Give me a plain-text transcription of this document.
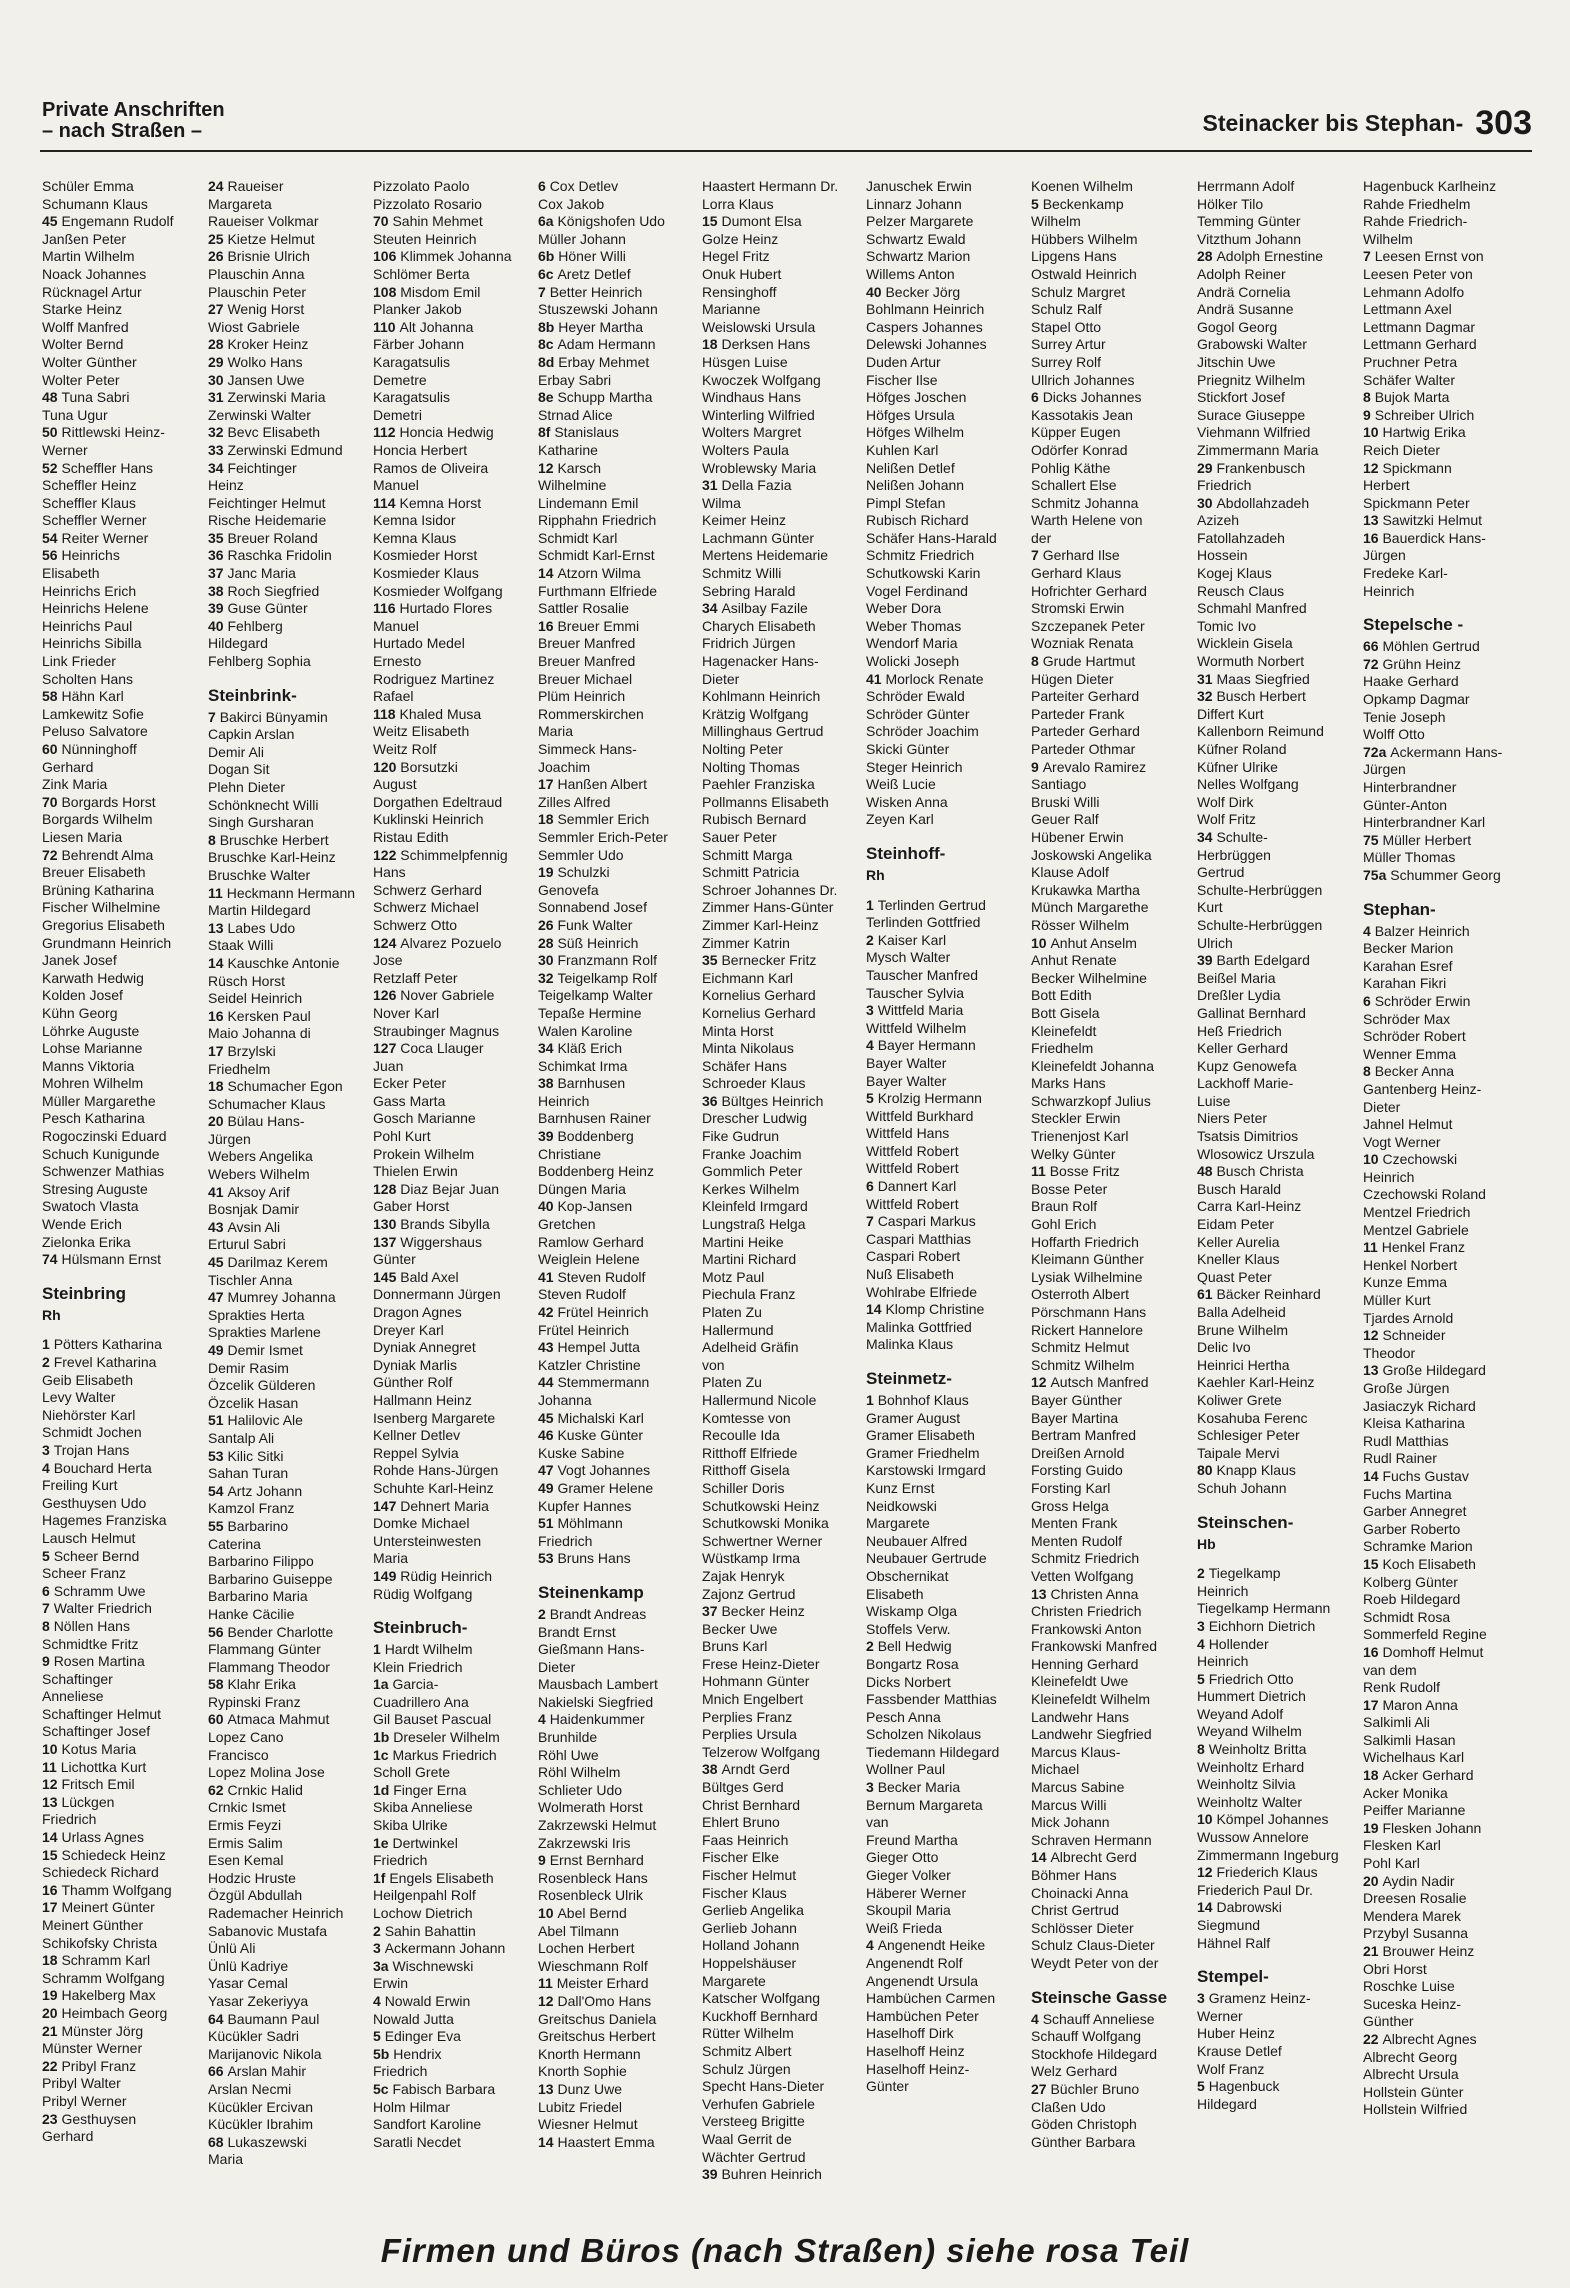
Private Anschriften
– nach Straßen –	Steinacker bis Stephan- 303
Schüler Emma
Schumann Klaus
45 Engemann Rudolf
Janßen Peter
Martin Wilhelm
Noack Johannes
Rücknagel Artur
Starke Heinz
Wolff Manfred
Wolter Bernd
Wolter Günther
Wolter Peter
48 Tuna Sabri
Tuna Ugur
50 Rittlewski Heinz-
Werner
52 Scheffler Hans
Scheffler Heinz
Scheffler Klaus
Scheffler Werner
54 Reiter Werner
56 Heinrichs
Elisabeth
Heinrichs Erich
Heinrichs Helene
Heinrichs Paul
Heinrichs Sibilla
Link Frieder
Scholten Hans
58 Hähn Karl
Lamkewitz Sofie
Peluso Salvatore
60 Nünninghoff
Gerhard
Zink Maria
70 Borgards Horst
Borgards Wilhelm
Liesen Maria
72 Behrendt Alma
Breuer Elisabeth
Brüning Katharina
Fischer Wilhelmine
Gregorius Elisabeth
Grundmann Heinrich
Janek Josef
Karwath Hedwig
Kolden Josef
Kühn Georg
Löhrke Auguste
Lohse Marianne
Manns Viktoria
Mohren Wilhelm
Müller Margarethe
Pesch Katharina
Rogoczinski Eduard
Schuch Kunigunde
Schwenzer Mathias
Stresing Auguste
Swatoch Vlasta
Wende Erich
Zielonka Erika
74 Hülsmann Ernst
Steinbring
Rh
1 Pötters Katharina
2 Frevel Katharina
Geib Elisabeth
Levy Walter
Niehörster Karl
Schmidt Jochen
3 Trojan Hans
4 Bouchard Herta
Freiling Kurt
Gesthuysen Udo
Hagemes Franziska
Lausch Helmut
5 Scheer Bernd
Scheer Franz
6 Schramm Uwe
7 Walter Friedrich
8 Nöllen Hans
Schmidtke Fritz
9 Rosen Martina
Schaftinger
Anneliese
Schaftinger Helmut
Schaftinger Josef
10 Kotus Maria
11 Lichottka Kurt
12 Fritsch Emil
13 Lückgen
Friedrich
14 Urlass Agnes
15 Schiedeck Heinz
Schiedeck Richard
16 Thamm Wolfgang
17 Meinert Günter
Meinert Günther
Schikofsky Christa
18 Schramm Karl
Schramm Wolfgang
19 Hakelberg Max
20 Heimbach Georg
21 Münster Jörg
Münster Werner
22 Pribyl Franz
Pribyl Walter
Pribyl Werner
23 Gesthuysen
Gerhard
24 Raueiser
Margareta
Raueiser Volkmar
25 Kietze Helmut
26 Brisnie Ulrich
Plauschin Anna
Plauschin Peter
27 Wenig Horst
Wiost Gabriele
28 Kroker Heinz
29 Wolko Hans
30 Jansen Uwe
31 Zerwinski Maria
Zerwinski Walter
32 Bevc Elisabeth
33 Zerwinski Edmund
34 Feichtinger
Heinz
Feichtinger Helmut
Rische Heidemarie
35 Breuer Roland
36 Raschka Fridolin
37 Janc Maria
38 Roch Siegfried
39 Guse Günter
40 Fehlberg
Hildegard
Fehlberg Sophia
Steinbrink-
7 Bakirci Bünyamin
Capkin Arslan
Demir Ali
Dogan Sit
Plehn Dieter
Schönknecht Willi
Singh Gursharan
8 Bruschke Herbert
Bruschke Karl-Heinz
Bruschke Walter
11 Heckmann Hermann
Martin Hildegard
13 Labes Udo
Staak Willi
14 Kauschke Antonie
Rüsch Horst
Seidel Heinrich
16 Kersken Paul
Maio Johanna di
17 Brzylski
Friedhelm
18 Schumacher Egon
Schumacher Klaus
20 Bülau Hans-
Jürgen
Webers Angelika
Webers Wilhelm
41 Aksoy Arif
Bosnjak Damir
43 Avsin Ali
Erturul Sabri
45 Darilmaz Kerem
Tischler Anna
47 Mumrey Johanna
Sprakties Herta
Sprakties Marlene
49 Demir Ismet
Demir Rasim
Özcelik Gülderen
Özcelik Hasan
51 Halilovic Ale
Santalp Ali
53 Kilic Sitki
Sahan Turan
54 Artz Johann
Kamzol Franz
55 Barbarino
Caterina
Barbarino Filippo
Barbarino Guiseppe
Barbarino Maria
Hanke Cäcilie
56 Bender Charlotte
Flammang Günter
Flammang Theodor
58 Klahr Erika
Rypinski Franz
60 Atmaca Mahmut
Lopez Cano
Francisco
Lopez Molina Jose
62 Crnkic Halid
Crnkic Ismet
Ermis Feyzi
Ermis Salim
Esen Kemal
Hodzic Hruste
Özgül Abdullah
Rademacher Heinrich
Sabanovic Mustafa
Ünlü Ali
Ünlü Kadriye
Yasar Cemal
Yasar Zekeriyya
64 Baumann Paul
Kücükler Sadri
Marijanovic Nikola
66 Arslan Mahir
Arslan Necmi
Kücükler Ercivan
Kücükler Ibrahim
68 Lukaszewski
Maria
Pizzolato Paolo
Pizzolato Rosario
70 Sahin Mehmet
Steuten Heinrich
106 Klimmek Johanna
Schlömer Berta
108 Misdom Emil
Planker Jakob
110 Alt Johanna
Färber Johann
Karagatsulis
Demetre
Karagatsulis
Demetri
112 Honcia Hedwig
Honcia Herbert
Ramos de Oliveira
Manuel
114 Kemna Horst
Kemna Isidor
Kemna Klaus
Kosmieder Horst
Kosmieder Klaus
Kosmieder Wolfgang
116 Hurtado Flores
Manuel
Hurtado Medel
Ernesto
Rodriguez Martinez
Rafael
118 Khaled Musa
Weitz Elisabeth
Weitz Rolf
120 Borsutzki
August
Dorgathen Edeltraud
Kuklinski Heinrich
Ristau Edith
122 Schimmelpfennig
Hans
Schwerz Gerhard
Schwerz Michael
Schwerz Otto
124 Alvarez Pozuelo
Jose
Retzlaff Peter
126 Nover Gabriele
Nover Karl
Straubinger Magnus
127 Coca Llauger
Juan
Ecker Peter
Gass Marta
Gosch Marianne
Pohl Kurt
Prokein Wilhelm
Thielen Erwin
128 Diaz Bejar Juan
Gaber Horst
130 Brands Sibylla
137 Wiggershaus
Günter
145 Bald Axel
Donnermann Jürgen
Dragon Agnes
Dreyer Karl
Dyniak Annegret
Dyniak Marlis
Günther Rolf
Hallmann Heinz
Isenberg Margarete
Kellner Detlev
Reppel Sylvia
Rohde Hans-Jürgen
Schuhte Karl-Heinz
147 Dehnert Maria
Domke Michael
Untersteinwesten
Maria
149 Rüdig Heinrich
Rüdig Wolfgang
Steinbruch-
1 Hardt Wilhelm
Klein Friedrich
1a Garcia-
Cuadrillero Ana
Gil Bauset Pascual
1b Dreseler Wilhelm
1c Markus Friedrich
Scholl Grete
1d Finger Erna
Skiba Anneliese
Skiba Ulrike
1e Dertwinkel
Friedrich
1f Engels Elisabeth
Heilgenpahl Rolf
Lochow Dietrich
2 Sahin Bahattin
3 Ackermann Johann
3a Wischnewski
Erwin
4 Nowald Erwin
Nowald Jutta
5 Edinger Eva
5b Hendrix
Friedrich
5c Fabisch Barbara
Holm Hilmar
Sandfort Karoline
Saratli Necdet
6 Cox Detlev
Cox Jakob
6a Königshofen Udo
Müller Johann
6b Höner Willi
6c Aretz Detlef
7 Better Heinrich
Stuszewski Johann
8b Heyer Martha
8c Adam Hermann
8d Erbay Mehmet
Erbay Sabri
8e Schupp Martha
Strnad Alice
8f Stanislaus
Katharine
12 Karsch
Wilhelmine
Lindemann Emil
Ripphahn Friedrich
Schmidt Karl
Schmidt Karl-Ernst
14 Atzorn Wilma
Furthmann Elfriede
Sattler Rosalie
16 Breuer Emmi
Breuer Manfred
Breuer Manfred
Breuer Michael
Plüm Heinrich
Rommerskirchen
Maria
Simmeck Hans-
Joachim
17 Hanßen Albert
Zilles Alfred
18 Semmler Erich
Semmler Erich-Peter
Semmler Udo
19 Schulzki
Genovefa
Sonnabend Josef
26 Funk Walter
28 Süß Heinrich
30 Franzmann Rolf
32 Teigelkamp Rolf
Teigelkamp Walter
Tepaße Hermine
Walen Karoline
34 Kläß Erich
Schimkat Irma
38 Barnhusen
Heinrich
Barnhusen Rainer
39 Boddenberg
Christiane
Boddenberg Heinz
Düngen Maria
40 Kop-Jansen
Gretchen
Ramlow Gerhard
Weiglein Helene
41 Steven Rudolf
Steven Rudolf
42 Frütel Heinrich
Frütel Heinrich
43 Hempel Jutta
Katzler Christine
44 Stemmermann
Johanna
45 Michalski Karl
46 Kuske Günter
Kuske Sabine
47 Vogt Johannes
49 Gramer Helene
Kupfer Hannes
51 Möhlmann
Friedrich
53 Bruns Hans
Steinenkamp
2 Brandt Andreas
Brandt Ernst
Gießmann Hans-
Dieter
Mausbach Lambert
Nakielski Siegfried
4 Haidenkummer
Brunhilde
Röhl Uwe
Röhl Wilhelm
Schlieter Udo
Wolmerath Horst
Zakrzewski Helmut
Zakrzewski Iris
9 Ernst Bernhard
Rosenbleck Hans
Rosenbleck Ulrik
10 Abel Bernd
Abel Tilmann
Lochen Herbert
Wieschmann Rolf
11 Meister Erhard
12 Dall'Omo Hans
Greitschus Daniela
Greitschus Herbert
Knorth Hermann
Knorth Sophie
13 Dunz Uwe
Lubitz Friedel
Wiesner Helmut
14 Haastert Emma
Haastert Hermann Dr.
Lorra Klaus
15 Dumont Elsa
Golze Heinz
Hegel Fritz
Onuk Hubert
Rensinghoff
Marianne
Weislowski Ursula
18 Derksen Hans
Hüsgen Luise
Kwoczek Wolfgang
Windhaus Hans
Winterling Wilfried
Wolters Margret
Wolters Paula
Wroblewsky Maria
31 Della Fazia
Wilma
Keimer Heinz
Lachmann Günter
Mertens Heidemarie
Schmitz Willi
Sebring Harald
34 Asilbay Fazile
Charych Elisabeth
Fridrich Jürgen
Hagenacker Hans-
Dieter
Kohlmann Heinrich
Krätzig Wolfgang
Millinghaus Gertrud
Nolting Peter
Nolting Thomas
Paehler Franziska
Pollmanns Elisabeth
Rubisch Bernard
Sauer Peter
Schmitt Marga
Schmitt Patricia
Schroer Johannes Dr.
Zimmer Hans-Günter
Zimmer Karl-Heinz
Zimmer Katrin
35 Bernecker Fritz
Eichmann Karl
Kornelius Gerhard
Kornelius Gerhard
Minta Horst
Minta Nikolaus
Schäfer Hans
Schroeder Klaus
36 Bültges Heinrich
Drescher Ludwig
Fike Gudrun
Franke Joachim
Gommlich Peter
Kerkes Wilhelm
Kleinfeld Irmgard
Lungstraß Helga
Martini Heike
Martini Richard
Motz Paul
Piechula Franz
Platen Zu
Hallermund
Adelheid Gräfin
von
Platen Zu
Hallermund Nicole
Komtesse von
Recoulle Ida
Ritthoff Elfriede
Ritthoff Gisela
Schiller Doris
Schutkowski Heinz
Schutkowski Monika
Schwertner Werner
Wüstkamp Irma
Zajak Henryk
Zajonz Gertrud
37 Becker Heinz
Becker Uwe
Bruns Karl
Frese Heinz-Dieter
Hohmann Günter
Mnich Engelbert
Perplies Franz
Perplies Ursula
Telzerow Wolfgang
38 Arndt Gerd
Bültges Gerd
Christ Bernhard
Ehlert Bruno
Faas Heinrich
Fischer Elke
Fischer Helmut
Fischer Klaus
Gerlieb Angelika
Gerlieb Johann
Holland Johann
Hoppelshäuser
Margarete
Katscher Wolfgang
Kuckhoff Bernhard
Rütter Wilhelm
Schmitz Albert
Schulz Jürgen
Specht Hans-Dieter
Verhufen Gabriele
Versteeg Brigitte
Waal Gerrit de
Wächter Gertrud
39 Buhren Heinrich
Januschek Erwin
Linnarz Johann
Pelzer Margarete
Schwartz Ewald
Schwartz Marion
Willems Anton
40 Becker Jörg
Bohlmann Heinrich
Caspers Johannes
Delewski Johannes
Duden Artur
Fischer Ilse
Höfges Joschen
Höfges Ursula
Höfges Wilhelm
Kuhlen Karl
Nelißen Detlef
Nelißen Johann
Pimpl Stefan
Rubisch Richard
Schäfer Hans-Harald
Schmitz Friedrich
Schutkowski Karin
Vogel Ferdinand
Weber Dora
Weber Thomas
Wendorf Maria
Wolicki Joseph
41 Morlock Renate
Schröder Ewald
Schröder Günter
Schröder Joachim
Skicki Günter
Steger Heinrich
Weiß Lucie
Wisken Anna
Zeyen Karl
Steinhoff-
Rh
1 Terlinden Gertrud
Terlinden Gottfried
2 Kaiser Karl
Mysch Walter
Tauscher Manfred
Tauscher Sylvia
3 Wittfeld Maria
Wittfeld Wilhelm
4 Bayer Hermann
Bayer Walter
Bayer Walter
5 Krolzig Hermann
Wittfeld Burkhard
Wittfeld Hans
Wittfeld Robert
Wittfeld Robert
6 Dannert Karl
Wittfeld Robert
7 Caspari Markus
Caspari Matthias
Caspari Robert
Nuß Elisabeth
Wohlrabe Elfriede
14 Klomp Christine
Malinka Gottfried
Malinka Klaus
Steinmetz-
1 Bohnhof Klaus
Gramer August
Gramer Elisabeth
Gramer Friedhelm
Karstowski Irmgard
Kunz Ernst
Neidkowski
Margarete
Neubauer Alfred
Neubauer Gertrude
Obschernikat
Elisabeth
Wiskamp Olga
Stoffels Verw.
2 Bell Hedwig
Bongartz Rosa
Dicks Norbert
Fassbender Matthias
Pesch Anna
Scholzen Nikolaus
Tiedemann Hildegard
Wollner Paul
3 Becker Maria
Bernum Margareta
van
Freund Martha
Gieger Otto
Gieger Volker
Häberer Werner
Skoupil Maria
Weiß Frieda
4 Angenendt Heike
Angenendt Rolf
Angenendt Ursula
Hambüchen Carmen
Hambüchen Peter
Haselhoff Dirk
Haselhoff Heinz
Haselhoff Heinz-
Günter
Koenen Wilhelm
5 Beckenkamp
Wilhelm
Hübbers Wilhelm
Lipgens Hans
Ostwald Heinrich
Schulz Margret
Schulz Ralf
Stapel Otto
Surrey Artur
Surrey Rolf
Ullrich Johannes
6 Dicks Johannes
Kassotakis Jean
Küpper Eugen
Odörfer Konrad
Pohlig Käthe
Schallert Else
Schmitz Johanna
Warth Helene von
der
7 Gerhard Ilse
Gerhard Klaus
Hofrichter Gerhard
Stromski Erwin
Szczepanek Peter
Wozniak Renata
8 Grude Hartmut
Hügen Dieter
Parteiter Gerhard
Parteder Frank
Parteder Gerhard
Parteder Othmar
9 Arevalo Ramirez
Santiago
Bruski Willi
Geuer Ralf
Hübener Erwin
Joskowski Angelika
Klause Adolf
Krukawka Martha
Münch Margarethe
Rösser Wilhelm
10 Anhut Anselm
Anhut Renate
Becker Wilhelmine
Bott Edith
Bott Gisela
Kleinefeldt
Friedhelm
Kleinefeldt Johanna
Marks Hans
Schwarzkopf Julius
Steckler Erwin
Trienenjost Karl
Welky Günter
11 Bosse Fritz
Bosse Peter
Braun Rolf
Gohl Erich
Hoffarth Friedrich
Kleimann Günther
Lysiak Wilhelmine
Osterroth Albert
Pörschmann Hans
Rickert Hannelore
Schmitz Helmut
Schmitz Wilhelm
12 Autsch Manfred
Bayer Günther
Bayer Martina
Bertram Manfred
Dreißen Arnold
Forsting Guido
Forsting Karl
Gross Helga
Menten Frank
Menten Rudolf
Schmitz Friedrich
Vetten Wolfgang
13 Christen Anna
Christen Friedrich
Frankowski Anton
Frankowski Manfred
Henning Gerhard
Kleinefeldt Uwe
Kleinefeldt Wilhelm
Landwehr Hans
Landwehr Siegfried
Marcus Klaus-
Michael
Marcus Sabine
Marcus Willi
Mick Johann
Schraven Hermann
14 Albrecht Gerd
Böhmer Hans
Choinacki Anna
Christ Gertrud
Schlösser Dieter
Schulz Claus-Dieter
Weydt Peter von der
Steinsche Gasse
4 Schauff Anneliese
Schauff Wolfgang
Stockhofe Hildegard
Welz Gerhard
27 Büchler Bruno
Claßen Udo
Göden Christoph
Günther Barbara
Herrmann Adolf
Hölker Tilo
Temming Günter
Vitzthum Johann
28 Adolph Ernestine
Adolph Reiner
Andrä Cornelia
Andrä Susanne
Gogol Georg
Grabowski Walter
Jitschin Uwe
Priegnitz Wilhelm
Stickfort Josef
Surace Giuseppe
Viehmann Wilfried
Zimmermann Maria
29 Frankenbusch
Friedrich
30 Abdollahzadeh
Azizeh
Fatollahzadeh
Hossein
Kogej Klaus
Reusch Claus
Schmahl Manfred
Tomic Ivo
Wicklein Gisela
Wormuth Norbert
31 Maas Siegfried
32 Busch Herbert
Differt Kurt
Kallenborn Reimund
Küfner Roland
Küfner Ulrike
Nelles Wolfgang
Wolf Dirk
Wolf Fritz
34 Schulte-
Herbrüggen
Gertrud
Schulte-Herbrüggen
Kurt
Schulte-Herbrüggen
Ulrich
39 Barth Edelgard
Beißel Maria
Dreßler Lydia
Gallinat Bernhard
Heß Friedrich
Keller Gerhard
Kupz Genowefa
Lackhoff Marie-
Luise
Niers Peter
Tsatsis Dimitrios
Wlosowicz Urszula
48 Busch Christa
Busch Harald
Carra Karl-Heinz
Eidam Peter
Keller Aurelia
Kneller Klaus
Quast Peter
61 Bäcker Reinhard
Balla Adelheid
Brune Wilhelm
Delic Ivo
Heinrici Hertha
Kaehler Karl-Heinz
Koliwer Grete
Kosahuba Ferenc
Schlesiger Peter
Taipale Mervi
80 Knapp Klaus
Schuh Johann
Steinschen-
Hb
2 Tiegelkamp
Heinrich
Tiegelkamp Hermann
3 Eichhorn Dietrich
4 Hollender
Heinrich
5 Friedrich Otto
Hummert Dietrich
Weyand Adolf
Weyand Wilhelm
8 Weinholtz Britta
Weinholtz Erhard
Weinholtz Silvia
Weinholtz Walter
10 Kömpel Johannes
Wussow Annelore
Zimmermann Ingeburg
12 Friederich Klaus
Friederich Paul Dr.
14 Dabrowski
Siegmund
Hähnel Ralf
Stempel-
3 Gramenz Heinz-
Werner
Huber Heinz
Krause Detlef
Wolf Franz
5 Hagenbuck
Hildegard
Hagenbuck Karlheinz
Rahde Friedhelm
Rahde Friedrich-
Wilhelm
7 Leesen Ernst von
Leesen Peter von
Lehmann Adolfo
Lettmann Axel
Lettmann Dagmar
Lettmann Gerhard
Pruchner Petra
Schäfer Walter
8 Bujok Marta
9 Schreiber Ulrich
10 Hartwig Erika
Reich Dieter
12 Spickmann
Herbert
Spickmann Peter
13 Sawitzki Helmut
16 Bauerdick Hans-
Jürgen
Fredeke Karl-
Heinrich
Stepelsche -
66 Möhlen Gertrud
72 Grühn Heinz
Haake Gerhard
Opkamp Dagmar
Tenie Joseph
Wolff Otto
72a Ackermann Hans-
Jürgen
Hinterbrandner
Günter-Anton
Hinterbrandner Karl
75 Müller Herbert
Müller Thomas
75a Schummer Georg
Stephan-
4 Balzer Heinrich
Becker Marion
Karahan Esref
Karahan Fikri
6 Schröder Erwin
Schröder Max
Schröder Robert
Wenner Emma
8 Becker Anna
Gantenberg Heinz-
Dieter
Jahnel Helmut
Vogt Werner
10 Czechowski
Heinrich
Czechowski Roland
Mentzel Friedrich
Mentzel Gabriele
11 Henkel Franz
Henkel Norbert
Kunze Emma
Müller Kurt
Tjardes Arnold
12 Schneider
Theodor
13 Große Hildegard
Große Jürgen
Jasiaczyk Richard
Kleisa Katharina
Rudl Matthias
Rudl Rainer
14 Fuchs Gustav
Fuchs Martina
Garber Annegret
Garber Roberto
Schramke Marion
15 Koch Elisabeth
Kolberg Günter
Roeb Hildegard
Schmidt Rosa
Sommerfeld Regine
16 Domhoff Helmut
van dem
Renk Rudolf
17 Maron Anna
Salkimli Ali
Salkimli Hasan
Wichelhaus Karl
18 Acker Gerhard
Acker Monika
Peiffer Marianne
19 Flesken Johann
Flesken Karl
Pohl Karl
20 Aydin Nadir
Dreesen Rosalie
Mendera Marek
Przybyl Susanna
21 Brouwer Heinz
Obri Horst
Roschke Luise
Suceska Heinz-
Günther
22 Albrecht Agnes
Albrecht Georg
Albrecht Ursula
Hollstein Günter
Hollstein Wilfried
Firmen und Büros (nach Straßen) siehe rosa Teil
